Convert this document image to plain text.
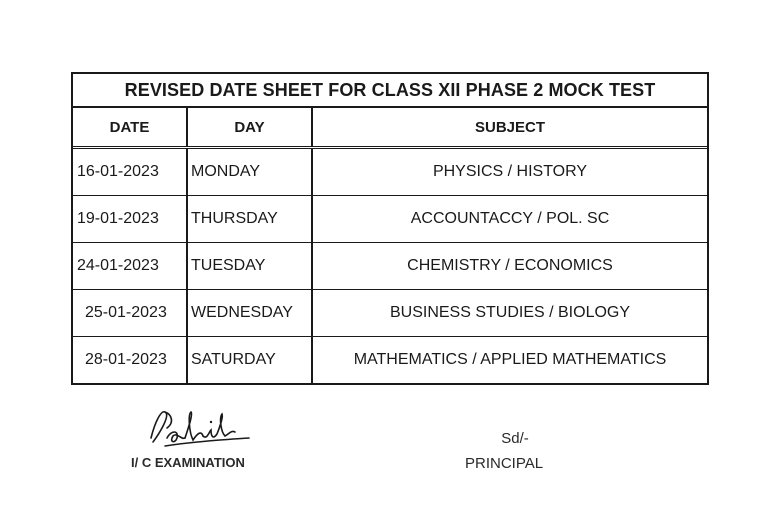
REVISED DATE SHEET FOR CLASS XII PHASE 2 MOCK TEST
DATE	DAY	SUBJECT
16-01-2023	MONDAY	PHYSICS / HISTORY
19-01-2023	THURSDAY	ACCOUNTACCY / POL. SC
24-01-2023	TUESDAY	CHEMISTRY / ECONOMICS
25-01-2023	WEDNESDAY	BUSINESS STUDIES / BIOLOGY
28-01-2023	SATURDAY	MATHEMATICS / APPLIED MATHEMATICS
I/ C EXAMINATION
Sd/-
PRINCIPAL
